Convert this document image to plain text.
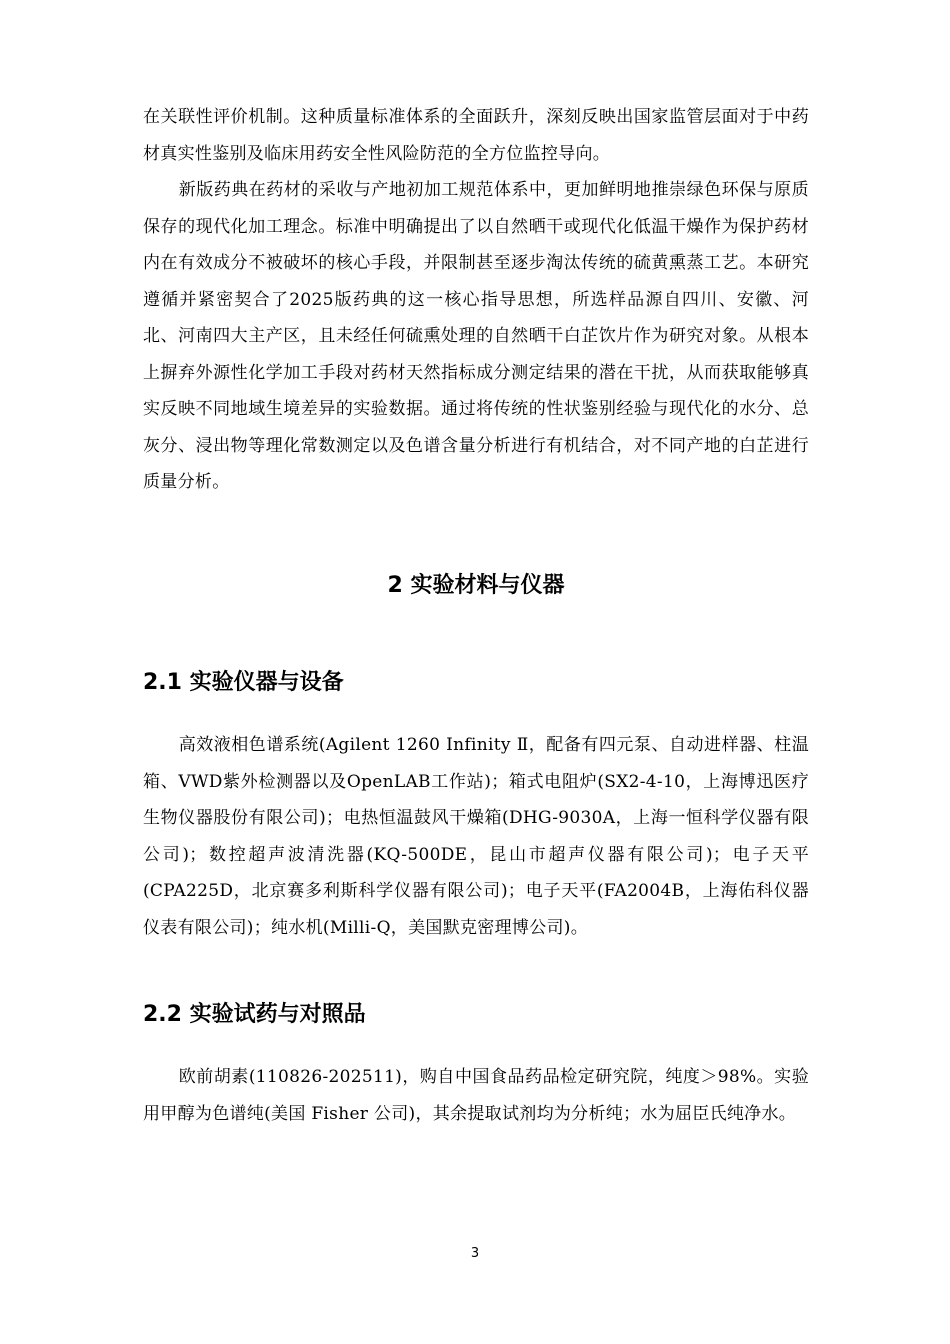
在关联性评价机制。这种质量标准体系的全面跃升，深刻反映出国家监管层面对于中药材真实性鉴别及临床用药安全性风险防范的全方位监控导向。

新版药典在药材的采收与产地初加工规范体系中，更加鲜明地推崇绿色环保与原质保存的现代化加工理念。标准中明确提出了以自然晒干或现代化低温干燥作为保护药材内在有效成分不被破坏的核心手段，并限制甚至逐步淘汰传统的硫黄熏蒸工艺。本研究遵循并紧密契合了2025版药典的这一核心指导思想，所选样品源自四川、安徽、河北、河南四大主产区，且未经任何硫熏处理的自然晒干白芷饮片作为研究对象。从根本上摒弃外源性化学加工手段对药材天然指标成分测定结果的潜在干扰，从而获取能够真实反映不同地域生境差异的实验数据。通过将传统的性状鉴别经验与现代化的水分、总灰分、浸出物等理化常数测定以及色谱含量分析进行有机结合，对不同产地的白芷进行质量分析。

2 实验材料与仪器
2.1 实验仪器与设备

高效液相色谱系统(Agilent 1260 Infinity Ⅱ，配备有四元泵、自动进样器、柱温箱、VWD紫外检测器以及OpenLAB工作站)；箱式电阻炉(SX2-4-10，上海博迅医疗生物仪器股份有限公司)；电热恒温鼓风干燥箱(DHG-9030A，上海一恒科学仪器有限公司)；数控超声波清洗器(KQ-500DE，昆山市超声仪器有限公司)；电子天平(CPA225D，北京赛多利斯科学仪器有限公司)；电子天平(FA2004B，上海佑科仪器仪表有限公司)；纯水机(Milli-Q，美国默克密理博公司)。

2.2 实验试药与对照品

欧前胡素(110826-202511)，购自中国食品药品检定研究院，纯度＞98%。实验用甲醇为色谱纯(美国 Fisher 公司)，其余提取试剂均为分析纯；水为屈臣氏纯净水。

3
